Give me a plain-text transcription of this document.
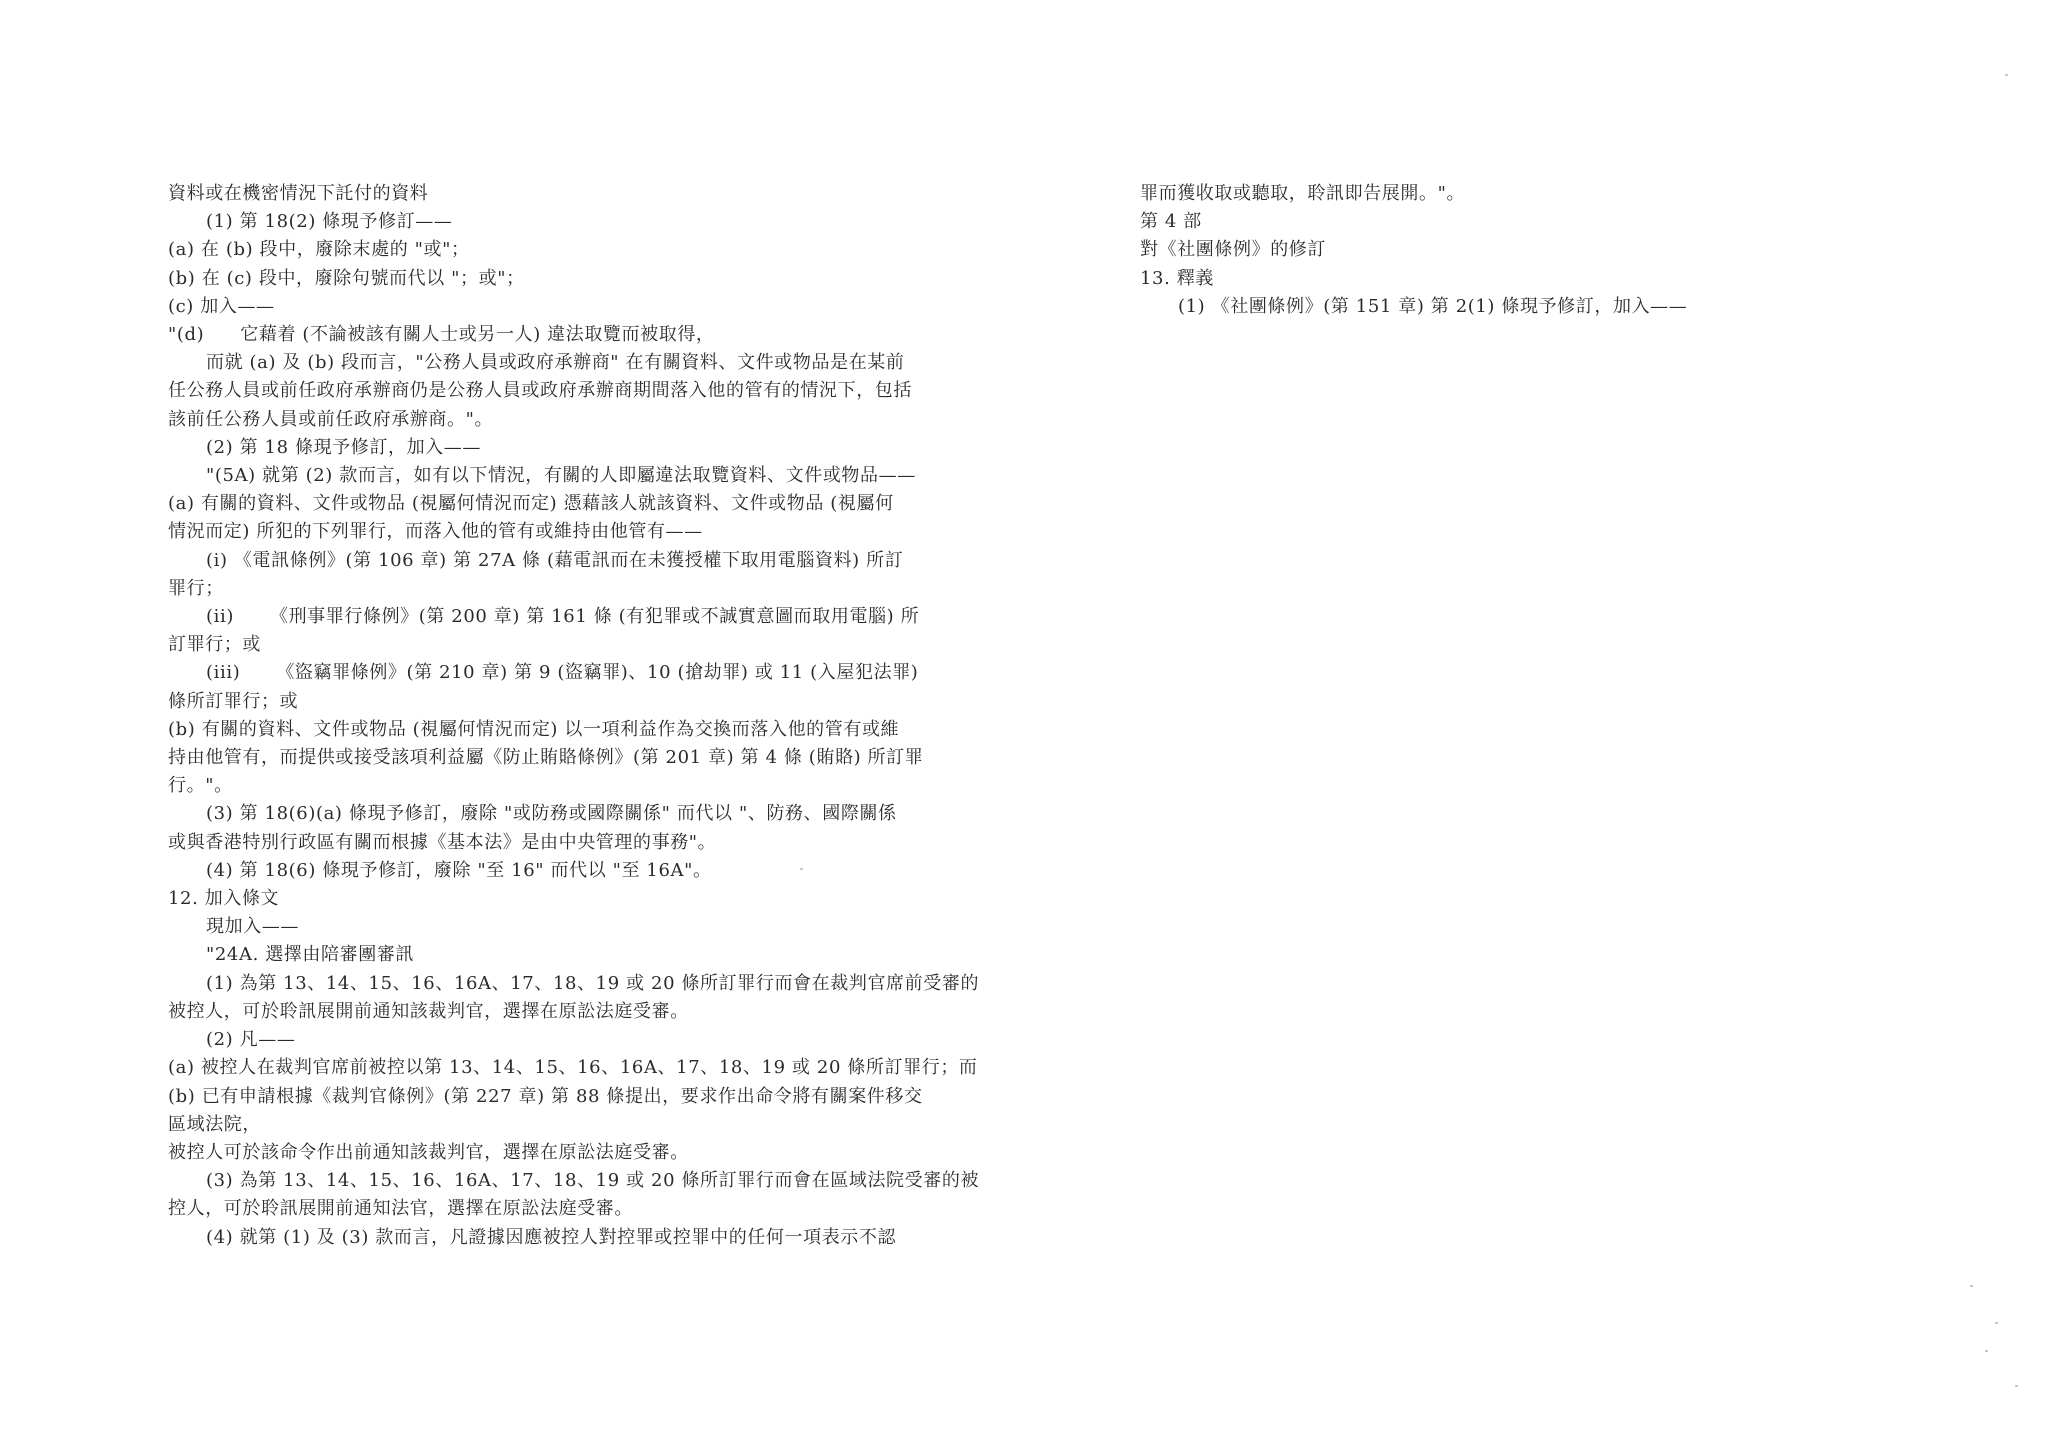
資料或在機密情況下託付的資料
(1) 第 18(2) 條現予修訂——
(a) 在 (b) 段中，廢除末處的 "或"；
(b) 在 (c) 段中，廢除句號而代以 "；或"；
(c) 加入——
"(d) 它藉着 (不論被該有關人士或另一人) 違法取覽而被取得，
而就 (a) 及 (b) 段而言，"公務人員或政府承辦商" 在有關資料、文件或物品是在某前
任公務人員或前任政府承辦商仍是公務人員或政府承辦商期間落入他的管有的情況下，包括
該前任公務人員或前任政府承辦商。"。
(2) 第 18 條現予修訂，加入——
"(5A) 就第 (2) 款而言，如有以下情況，有關的人即屬違法取覽資料、文件或物品——
(a) 有關的資料、文件或物品 (視屬何情況而定) 憑藉該人就該資料、文件或物品 (視屬何
情況而定) 所犯的下列罪行，而落入他的管有或維持由他管有——
(i) 《電訊條例》(第 106 章) 第 27A 條 (藉電訊而在未獲授權下取用電腦資料) 所訂
罪行；
(ii) 《刑事罪行條例》(第 200 章) 第 161 條 (有犯罪或不誠實意圖而取用電腦) 所
訂罪行；或
(iii) 《盜竊罪條例》(第 210 章) 第 9 (盜竊罪)、10 (搶劫罪) 或 11 (入屋犯法罪)
條所訂罪行；或
(b) 有關的資料、文件或物品 (視屬何情況而定) 以一項利益作為交換而落入他的管有或維
持由他管有，而提供或接受該項利益屬《防止賄賂條例》(第 201 章) 第 4 條 (賄賂) 所訂罪
行。"。
(3) 第 18(6)(a) 條現予修訂，廢除 "或防務或國際關係" 而代以 "、防務、國際關係
或與香港特別行政區有關而根據《基本法》是由中央管理的事務"。
(4) 第 18(6) 條現予修訂，廢除 "至 16" 而代以 "至 16A"。
12. 加入條文
現加入——
"24A. 選擇由陪審團審訊
(1) 為第 13、14、15、16、16A、17、18、19 或 20 條所訂罪行而會在裁判官席前受審的
被控人，可於聆訊展開前通知該裁判官，選擇在原訟法庭受審。
(2) 凡——
(a) 被控人在裁判官席前被控以第 13、14、15、16、16A、17、18、19 或 20 條所訂罪行；而
(b) 已有申請根據《裁判官條例》(第 227 章) 第 88 條提出，要求作出命令將有關案件移交
區域法院，
被控人可於該命令作出前通知該裁判官，選擇在原訟法庭受審。
(3) 為第 13、14、15、16、16A、17、18、19 或 20 條所訂罪行而會在區域法院受審的被
控人，可於聆訊展開前通知法官，選擇在原訟法庭受審。
(4) 就第 (1) 及 (3) 款而言，凡證據因應被控人對控罪或控罪中的任何一項表示不認
罪而獲收取或聽取，聆訊即告展開。"。
第 4 部
對《社團條例》的修訂
13. 釋義
(1) 《社團條例》(第 151 章) 第 2(1) 條現予修訂，加入——
